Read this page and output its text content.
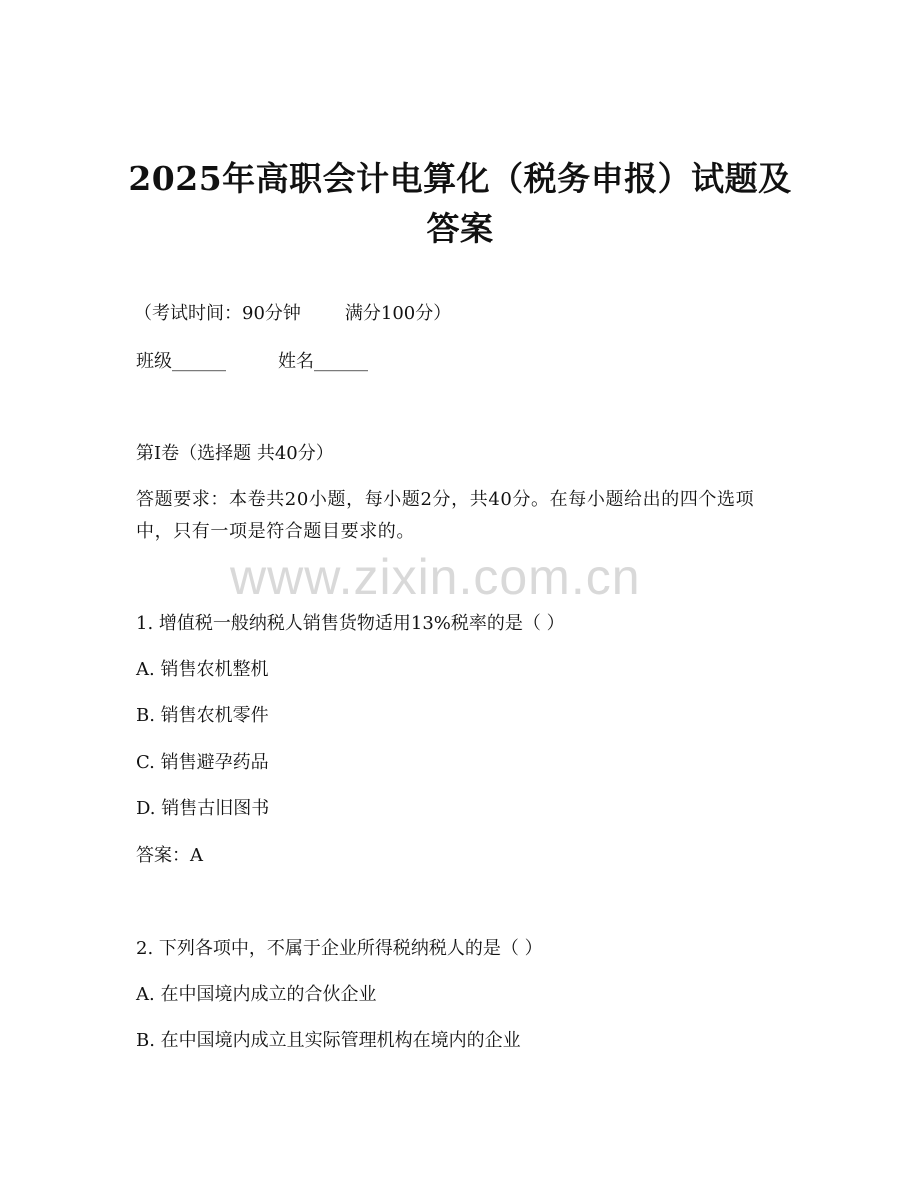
2025年高职会计电算化（税务申报）试题及
答案
（考试时间：90分钟 满分100分）
班级______	姓名______
第I卷（选择题 共40分）
答题要求：本卷共20小题，每小题2分，共40分。在每小题给出的四个选项中，只有一项是符合题目要求的。
www.zixin.com.cn
1. 增值税一般纳税人销售货物适用13%税率的是（ ）
A. 销售农机整机
B. 销售农机零件
C. 销售避孕药品
D. 销售古旧图书
答案：A
2. 下列各项中，不属于企业所得税纳税人的是（ ）
A. 在中国境内成立的合伙企业
B. 在中国境内成立且实际管理机构在境内的企业
